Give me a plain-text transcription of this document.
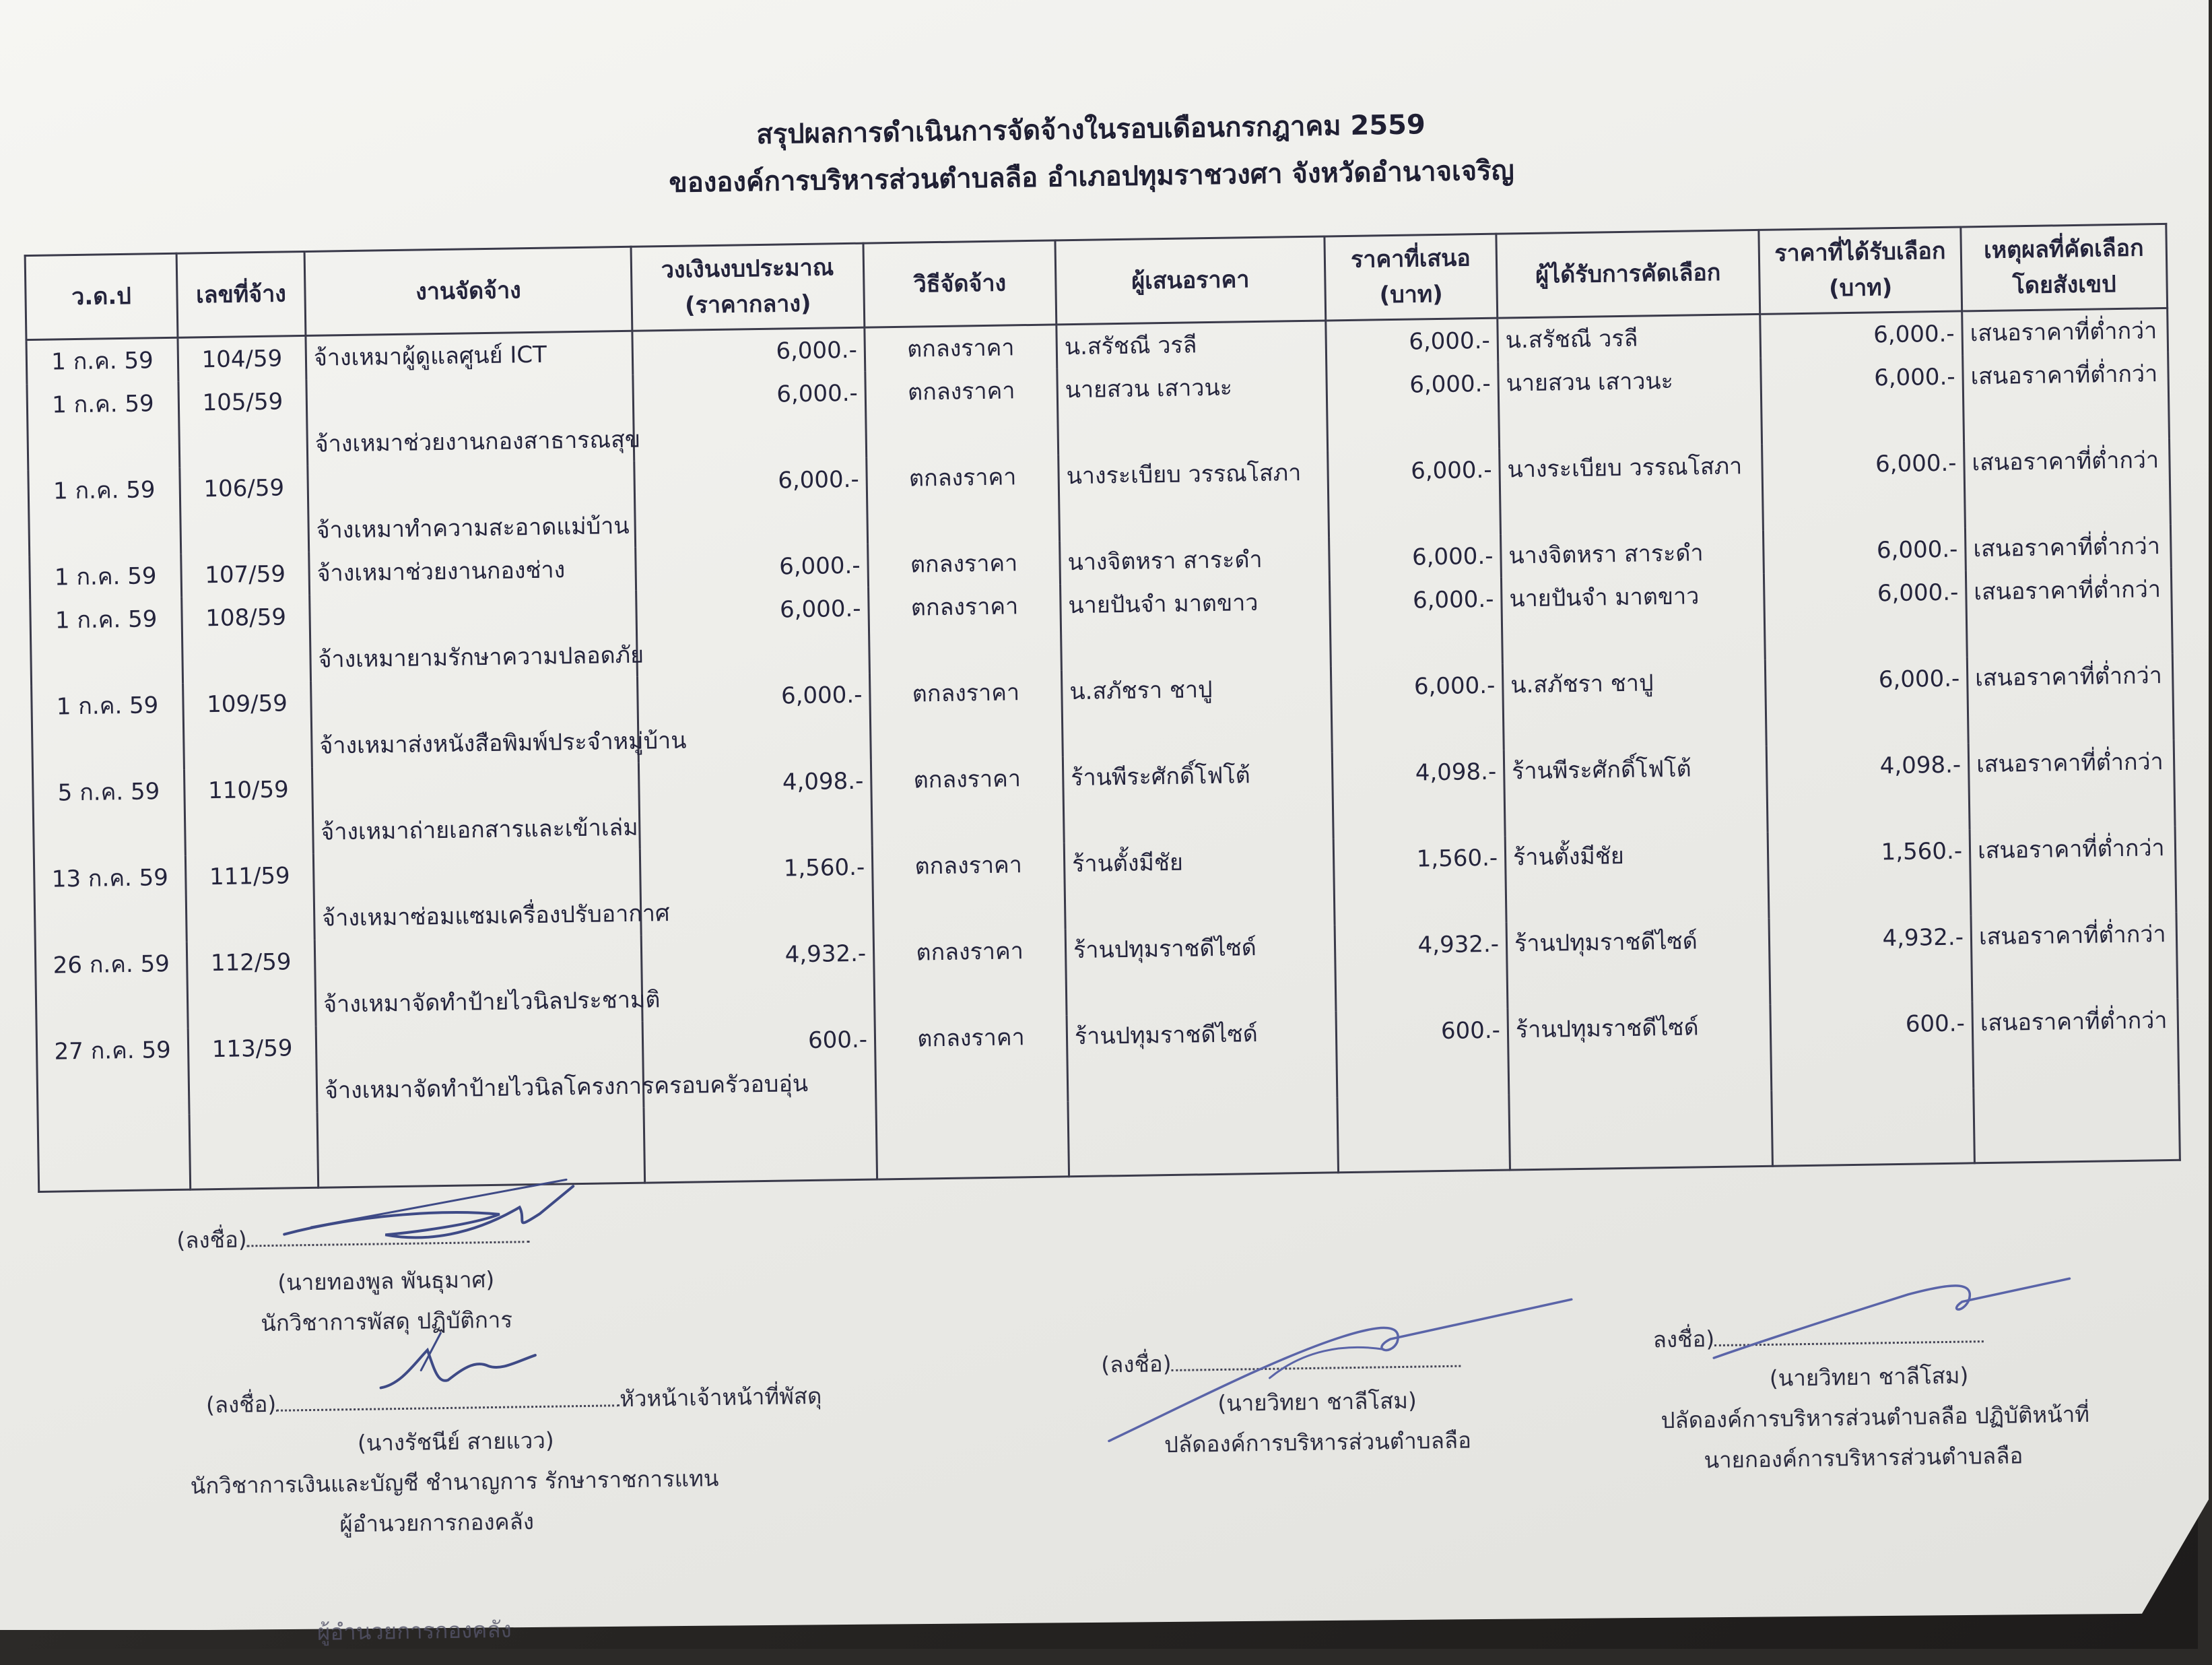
สรุปผลการดำเนินการจัดจ้างในรอบเดือนกรกฎาคม 2559
ขององค์การบริหารส่วนตำบลลือ อำเภอปทุมราชวงศา จังหวัดอำนาจเจริญ
ว.ด.ป	เลขที่จ้าง	งานจัดจ้าง	วงเงินงบประมาณ
(ราคากลาง)	วิธีจัดจ้าง	ผู้เสนอราคา	ราคาที่เสนอ
(บาท)	ผู้ได้รับการคัดเลือก	ราคาที่ได้รับเลือก
(บาท)	เหตุผลที่คัดเลือก
โดยสังเขป
1 ก.ค. 59	104/59	จ้างเหมาผู้ดูแลศูนย์ ICT	6,000.-	ตกลงราคา	น.สรัชณี วรลี	6,000.-	น.สรัชณี วรลี	6,000.-	เสนอราคาที่ต่ำกว่า

1 ก.ค. 59	105/59	จ้างเหมาช่วยงานกองสาธารณสุข	6,000.-	ตกลงราคา	นายสวน เสาวนะ	6,000.-	นายสวน เสาวนะ	6,000.-	เสนอราคาที่ต่ำกว่า

1 ก.ค. 59	106/59	จ้างเหมาทำความสะอาดแม่บ้าน	6,000.-	ตกลงราคา	นางระเบียบ วรรณโสภา	6,000.-	นางระเบียบ วรรณโสภา	6,000.-	เสนอราคาที่ต่ำกว่า

1 ก.ค. 59	107/59	จ้างเหมาช่วยงานกองช่าง	6,000.-	ตกลงราคา	นางจิตหรา สาระดำ	6,000.-	นางจิตหรา สาระดำ	6,000.-	เสนอราคาที่ต่ำกว่า

1 ก.ค. 59	108/59	จ้างเหมายามรักษาความปลอดภัย	6,000.-	ตกลงราคา	นายปันจำ มาตขาว	6,000.-	นายปันจำ มาตขาว	6,000.-	เสนอราคาที่ต่ำกว่า

1 ก.ค. 59	109/59	จ้างเหมาส่งหนังสือพิมพ์ประจำหมู่บ้าน	6,000.-	ตกลงราคา	น.สภัชรา ชาปู	6,000.-	น.สภัชรา ชาปู	6,000.-	เสนอราคาที่ต่ำกว่า

5 ก.ค. 59	110/59	จ้างเหมาถ่ายเอกสารและเข้าเล่ม	4,098.-	ตกลงราคา	ร้านพีระศักดิ์โฟโต้	4,098.-	ร้านพีระศักดิ์โฟโต้	4,098.-	เสนอราคาที่ต่ำกว่า

13 ก.ค. 59	111/59	จ้างเหมาซ่อมแซมเครื่องปรับอากาศ	1,560.-	ตกลงราคา	ร้านตั้งมีชัย	1,560.-	ร้านตั้งมีชัย	1,560.-	เสนอราคาที่ต่ำกว่า

26 ก.ค. 59	112/59	จ้างเหมาจัดทำป้ายไวนิลประชามติ	4,932.-	ตกลงราคา	ร้านปทุมราชดีไซด์	4,932.-	ร้านปทุมราชดีไซด์	4,932.-	เสนอราคาที่ต่ำกว่า

27 ก.ค. 59	113/59	จ้างเหมาจัดทำป้ายไวนิลโครงการครอบครัวอบอุ่น	600.-	ตกลงราคา	ร้านปทุมราชดีไซด์	600.-	ร้านปทุมราชดีไซด์	600.-	เสนอราคาที่ต่ำกว่า

(ลงชื่อ)
(นายทองพูล พันธุมาศ)
นักวิชาการพัสดุ ปฏิบัติการ
(ลงชื่อ)	หัวหน้าเจ้าหน้าที่พัสดุ
(นางรัชนีย์ สายแวว)
นักวิชาการเงินและบัญชี ชำนาญการ รักษาราชการแทน
ผู้อำนวยการกองคลัง
(ลงชื่อ)
(นายวิทยา ชาลีโสม)
ปลัดองค์การบริหารส่วนตำบลลือ
ลงชื่อ)
(นายวิทยา ชาลีโสม)
ปลัดองค์การบริหารส่วนตำบลลือ ปฏิบัติหน้าที่
นายกองค์การบริหารส่วนตำบลลือ
ผู้อำนวยการกองคลัง
